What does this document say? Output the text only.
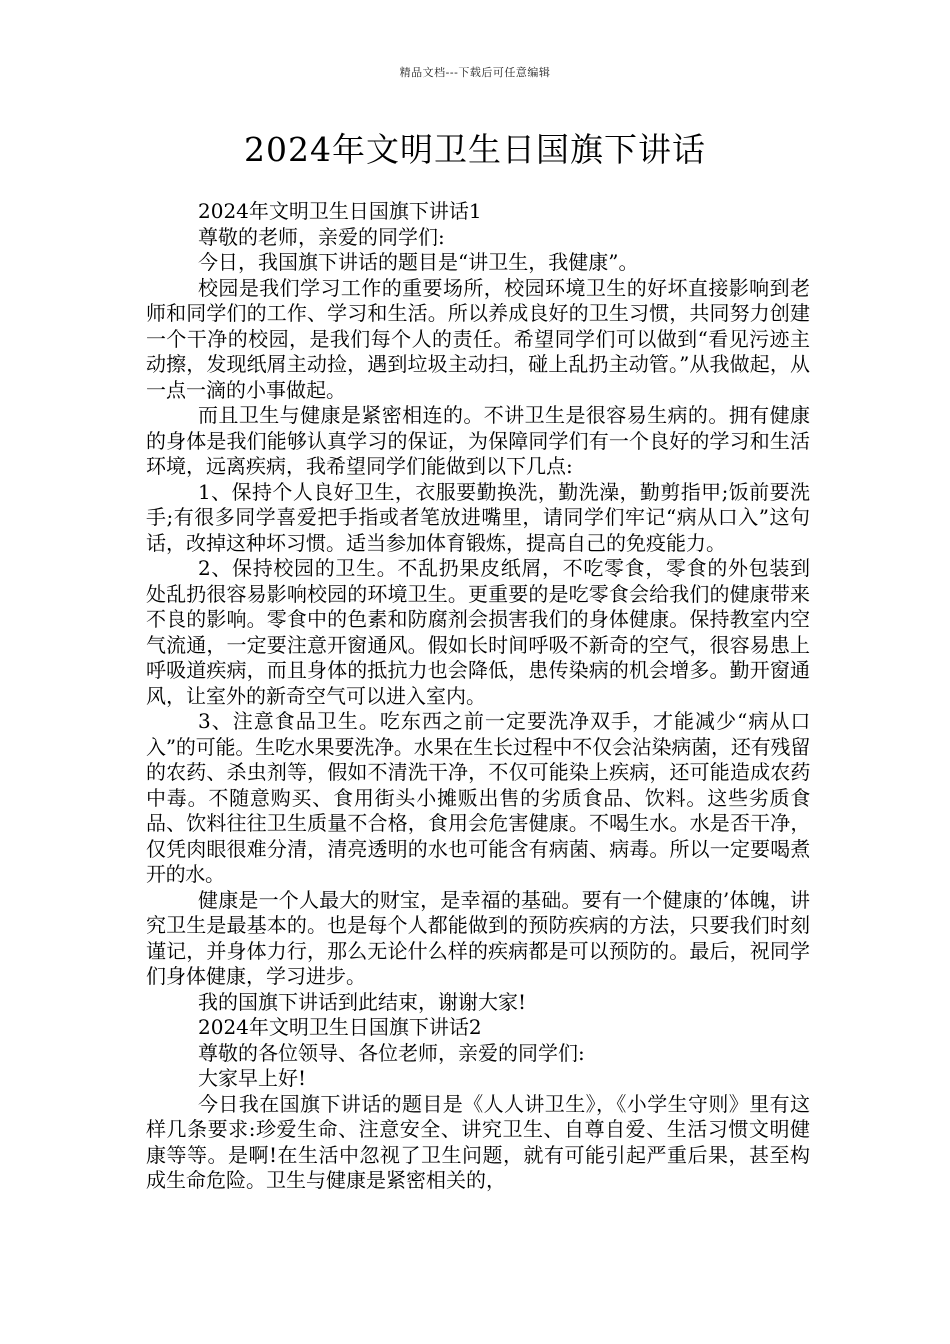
精品文档---下载后可任意编辑
2024年文明卫生日国旗下讲话

2024年文明卫生日国旗下讲话1

尊敬的老师，亲爱的同学们:

今日，我国旗下讲话的题目是“讲卫生，我健康”。

校园是我们学习工作的重要场所，校园环境卫生的好坏直接影响到老师和同学们的工作、学习和生活。所以养成良好的卫生习惯，共同努力创建一个干净的校园，是我们每个人的责任。希望同学们可以做到“看见污迹主动擦，发现纸屑主动捡，遇到垃圾主动扫，碰上乱扔主动管。”从我做起，从一点一滴的小事做起。

而且卫生与健康是紧密相连的。不讲卫生是很容易生病的。拥有健康的身体是我们能够认真学习的保证，为保障同学们有一个良好的学习和生活环境，远离疾病，我希望同学们能做到以下几点:

1、保持个人良好卫生，衣服要勤换洗，勤洗澡，勤剪指甲;饭前要洗手;有很多同学喜爱把手指或者笔放进嘴里，请同学们牢记“病从口入”这句话，改掉这种坏习惯。适当参加体育锻炼，提高自己的免疫能力。

2、保持校园的卫生。不乱扔果皮纸屑，不吃零食，零食的外包装到处乱扔很容易影响校园的环境卫生。更重要的是吃零食会给我们的健康带来不良的影响。零食中的色素和防腐剂会损害我们的身体健康。保持教室内空气流通，一定要注意开窗通风。假如长时间呼吸不新奇的空气，很容易患上呼吸道疾病，而且身体的抵抗力也会降低，患传染病的机会增多。勤开窗通风，让室外的新奇空气可以进入室内。

3、注意食品卫生。吃东西之前一定要洗净双手，才能减少“病从口入”的可能。生吃水果要洗净。水果在生长过程中不仅会沾染病菌，还有残留的农药、杀虫剂等，假如不清洗干净，不仅可能染上疾病，还可能造成农药中毒。不随意购买、食用街头小摊贩出售的劣质食品、饮料。这些劣质食品、饮料往往卫生质量不合格，食用会危害健康。不喝生水。水是否干净，仅凭肉眼很难分清，清亮透明的水也可能含有病菌、病毒。所以一定要喝煮开的水。

健康是一个人最大的财宝，是幸福的基础。要有一个健康的’体魄，讲究卫生是最基本的。也是每个人都能做到的预防疾病的方法，只要我们时刻谨记，并身体力行，那么无论什么样的疾病都是可以预防的。最后，祝同学们身体健康，学习进步。

我的国旗下讲话到此结束，谢谢大家!

2024年文明卫生日国旗下讲话2

尊敬的各位领导、各位老师，亲爱的同学们:

大家早上好!

今日我在国旗下讲话的题目是《人人讲卫生》，《小学生守则》里有这样几条要求:珍爱生命、注意安全、讲究卫生、自尊自爱、生活习惯文明健康等等。是啊!在生活中忽视了卫生问题，就有可能引起严重后果，甚至构成生命危险。卫生与健康是紧密相关的，
